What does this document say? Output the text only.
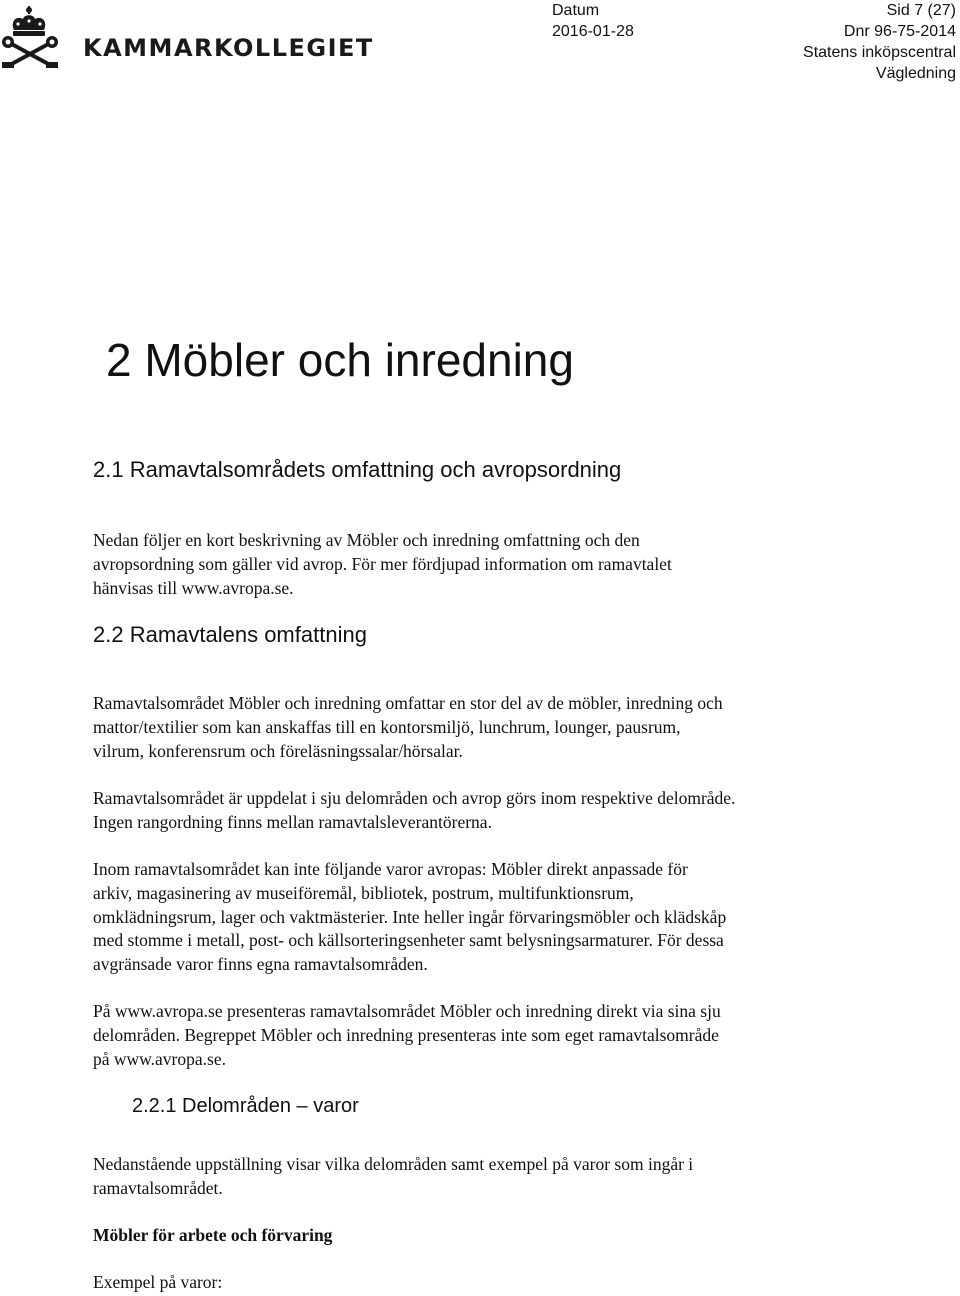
KAMMARKOLLEGIET
Datum
2016-01-28
Sid 7 (27)
Dnr 96-75-2014
Statens inköpscentral
Vägledning
2 Möbler och inredning
2.1 Ramavtalsområdets omfattning och avropsordning
Nedan följer en kort beskrivning av Möbler och inredning omfattning och den
avropsordning som gäller vid avrop. För mer fördjupad information om ramavtalet
hänvisas till www.avropa.se.
2.2 Ramavtalens omfattning
Ramavtalsområdet Möbler och inredning omfattar en stor del av de möbler, inredning och
mattor/textilier som kan anskaffas till en kontorsmiljö, lunchrum, lounger, pausrum,
vilrum, konferensrum och föreläsningssalar/hörsalar.
Ramavtalsområdet är uppdelat i sju delområden och avrop görs inom respektive delområde.
Ingen rangordning finns mellan ramavtalsleverantörerna.
Inom ramavtalsområdet kan inte följande varor avropas: Möbler direkt anpassade för
arkiv, magasinering av museiföremål, bibliotek, postrum, multifunktionsrum,
omklädningsrum, lager och vaktmästerier. Inte heller ingår förvaringsmöbler och klädskåp
med stomme i metall, post- och källsorteringsenheter samt belysningsarmaturer. För dessa
avgränsade varor finns egna ramavtalsområden.
På www.avropa.se presenteras ramavtalsområdet Möbler och inredning direkt via sina sju
delområden. Begreppet Möbler och inredning presenteras inte som eget ramavtalsområde
på www.avropa.se.
2.2.1 Delområden – varor
Nedanstående uppställning visar vilka delområden samt exempel på varor som ingår i
ramavtalsområdet.
Möbler för arbete och förvaring
Exempel på varor:
